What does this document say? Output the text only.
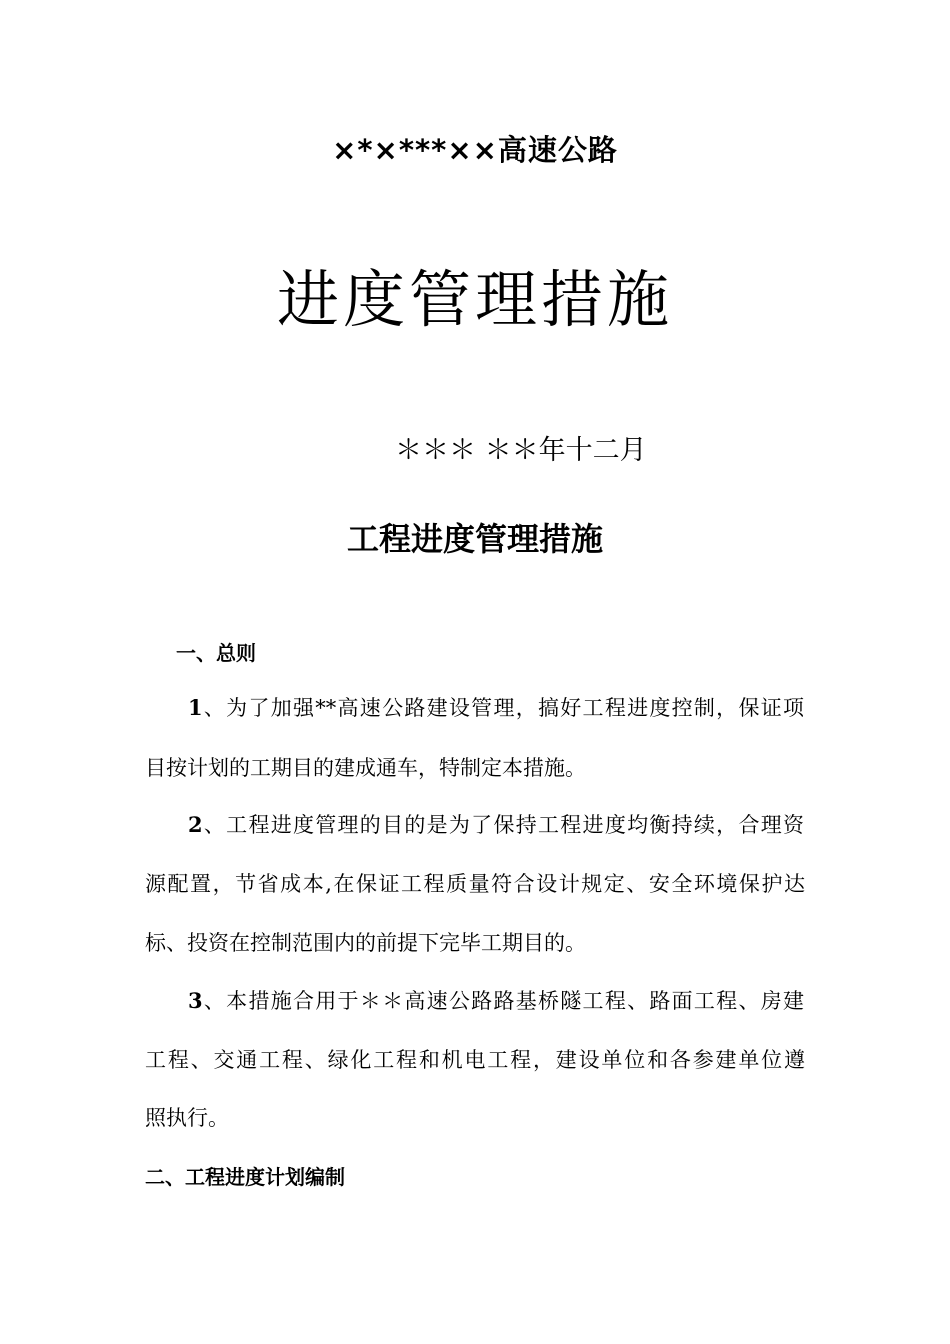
⨯*⨯***⨯⨯高速公路
进度管理措施
＊＊＊ ＊＊年十二月
工程进度管理措施
一、总则
1、为了加强**高速公路建设管理，搞好工程进度控制，保证项
目按计划的工期目的建成通车，特制定本措施。
2、工程进度管理的目的是为了保持工程进度均衡持续，合理资
源配置，节省成本,在保证工程质量符合设计规定、安全环境保护达
标、投资在控制范围内的前提下完毕工期目的。
3、本措施合用于＊＊高速公路路基桥隧工程、路面工程、房建
工程、交通工程、绿化工程和机电工程，建设单位和各参建单位遵
照执行。
二、工程进度计划编制
